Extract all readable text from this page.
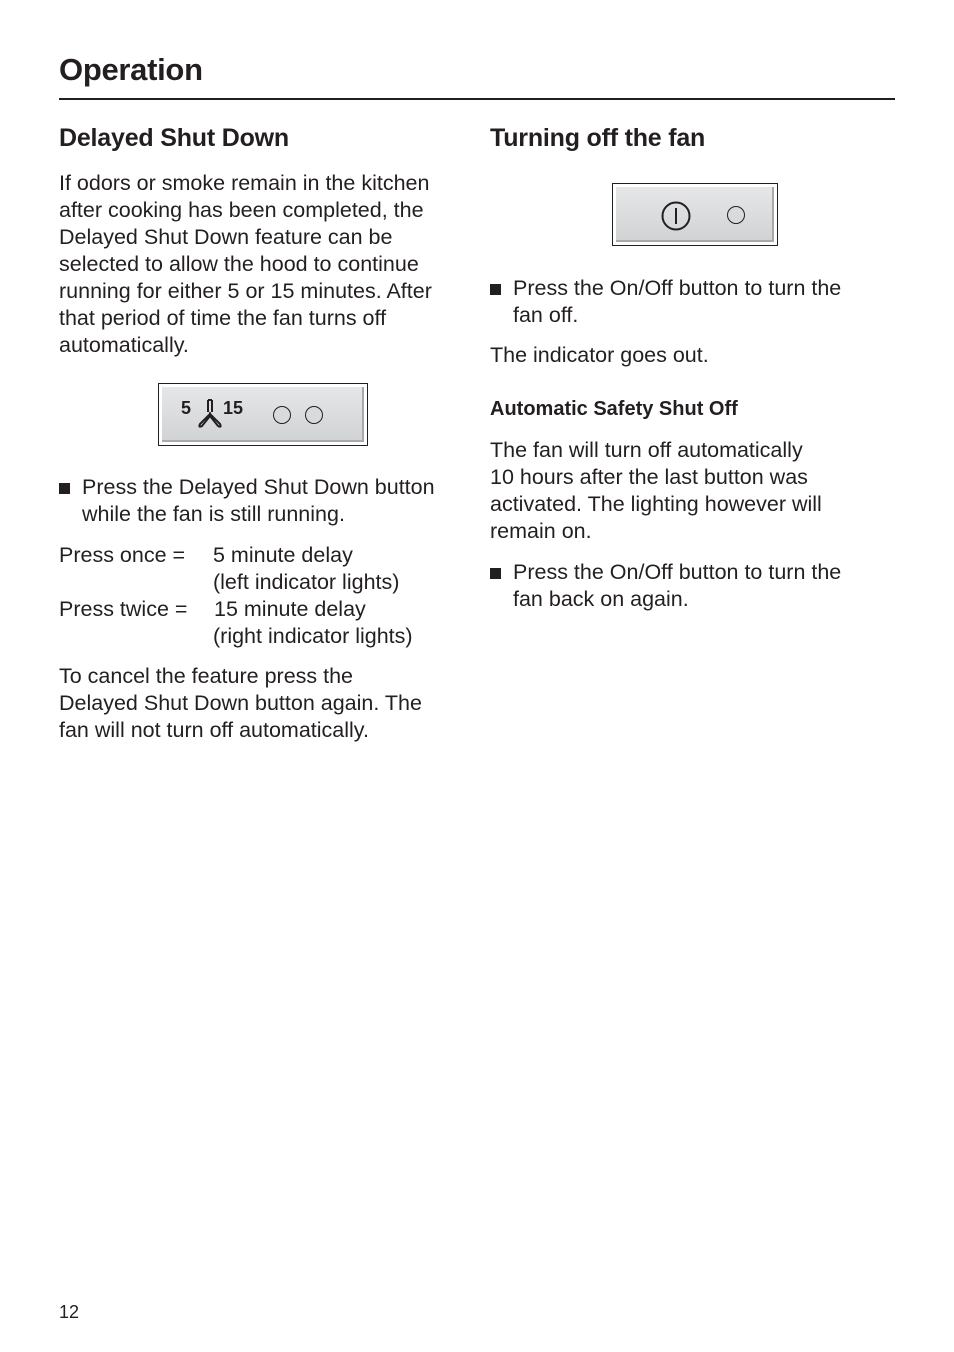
Operation
Delayed Shut Down
If odors or smoke remain in the kitchen
after cooking has been completed, the
Delayed Shut Down feature can be
selected to allow the hood to continue
running for either 5 or 15 minutes. After
that period of time the fan turns off
automatically.
5 15
Press the Delayed Shut Down button
while the fan is still running.
Press once = 5 minute delay
(left indicator lights)
Press twice = 15 minute delay
(right indicator lights)
To cancel the feature press the
Delayed Shut Down button again. The
fan will not turn off automatically.
Turning off the fan
Press the On/Off button to turn the
fan off.
The indicator goes out.
Automatic Safety Shut Off
The fan will turn off automatically
10 hours after the last button was
activated. The lighting however will
remain on.
Press the On/Off button to turn the
fan back on again.
12
